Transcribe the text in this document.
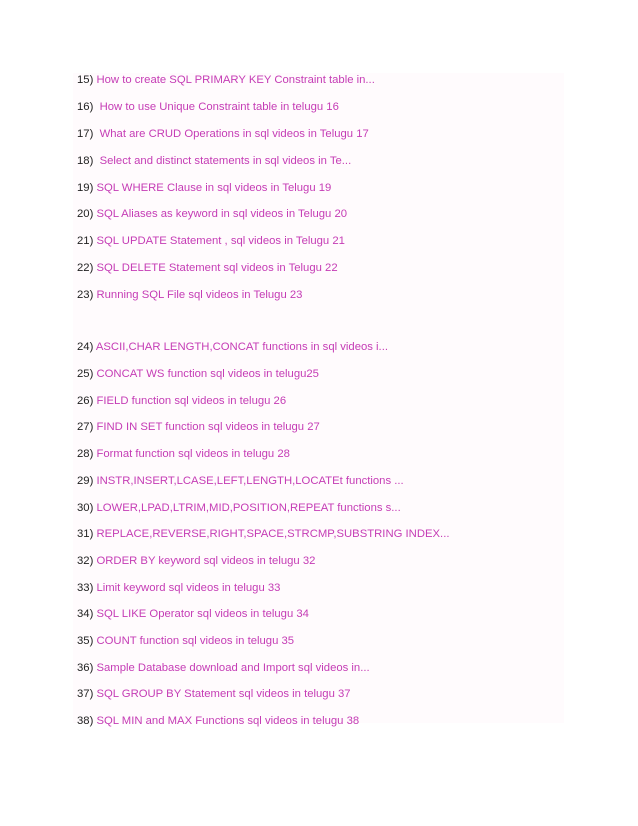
15) How to create SQL PRIMARY KEY Constraint table in...
16) How to use Unique Constraint table in telugu 16
17) What are CRUD Operations in sql videos in Telugu 17
18) Select and distinct statements in sql videos in Te...
19) SQL WHERE Clause in sql videos in Telugu 19
20) SQL Aliases as keyword in sql videos in Telugu 20
21) SQL UPDATE Statement , sql videos in Telugu 21
22) SQL DELETE Statement sql videos in Telugu 22
23) Running SQL File sql videos in Telugu 23
24) ASCII,CHAR LENGTH,CONCAT functions in sql videos i...
25) CONCAT WS function sql videos in telugu25
26) FIELD function sql videos in telugu 26
27) FIND IN SET function sql videos in telugu 27
28) Format function sql videos in telugu 28
29) INSTR,INSERT,LCASE,LEFT,LENGTH,LOCATEt functions ...
30) LOWER,LPAD,LTRIM,MID,POSITION,REPEAT functions s...
31) REPLACE,REVERSE,RIGHT,SPACE,STRCMP,SUBSTRING INDEX...
32) ORDER BY keyword sql videos in telugu 32
33) Limit keyword sql videos in telugu 33
34) SQL LIKE Operator sql videos in telugu 34
35) COUNT function sql videos in telugu 35
36) Sample Database download and Import sql videos in...
37) SQL GROUP BY Statement sql videos in telugu 37
38) SQL MIN and MAX Functions sql videos in telugu 38
